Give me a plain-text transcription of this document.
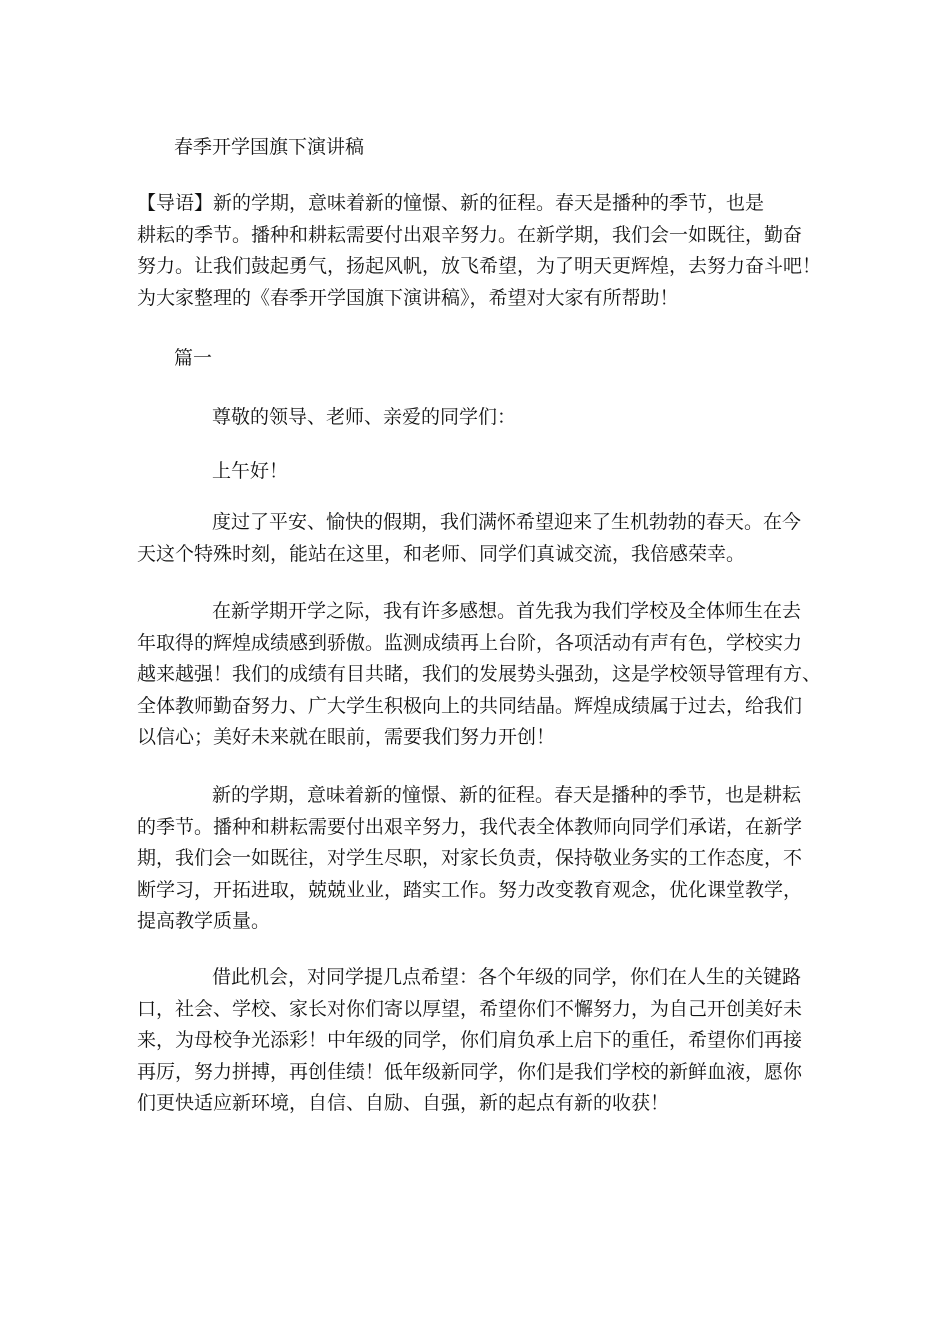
春季开学国旗下演讲稿
【导语】新的学期，意味着新的憧憬、新的征程。春天是播种的季节，也是
耕耘的季节。播种和耕耘需要付出艰辛努力。在新学期，我们会一如既往，勤奋
努力。让我们鼓起勇气，扬起风帆，放飞希望，为了明天更辉煌，去努力奋斗吧！
为大家整理的《春季开学国旗下演讲稿》，希望对大家有所帮助！
篇一
尊敬的领导、老师、亲爱的同学们：
上午好！
度过了平安、愉快的假期，我们满怀希望迎来了生机勃勃的春天。在今
天这个特殊时刻，能站在这里，和老师、同学们真诚交流，我倍感荣幸。
在新学期开学之际，我有许多感想。首先我为我们学校及全体师生在去
年取得的辉煌成绩感到骄傲。监测成绩再上台阶，各项活动有声有色，学校实力
越来越强！我们的成绩有目共睹，我们的发展势头强劲，这是学校领导管理有方、
全体教师勤奋努力、广大学生积极向上的共同结晶。辉煌成绩属于过去，给我们
以信心；美好未来就在眼前，需要我们努力开创！
新的学期，意味着新的憧憬、新的征程。春天是播种的季节，也是耕耘
的季节。播种和耕耘需要付出艰辛努力，我代表全体教师向同学们承诺，在新学
期，我们会一如既往，对学生尽职，对家长负责，保持敬业务实的工作态度，不
断学习，开拓进取，兢兢业业，踏实工作。努力改变教育观念，优化课堂教学，
提高教学质量。
借此机会，对同学提几点希望：各个年级的同学，你们在人生的关键路
口，社会、学校、家长对你们寄以厚望，希望你们不懈努力，为自己开创美好未
来，为母校争光添彩！中年级的同学，你们肩负承上启下的重任，希望你们再接
再厉，努力拼搏，再创佳绩！低年级新同学，你们是我们学校的新鲜血液，愿你
们更快适应新环境，自信、自励、自强，新的起点有新的收获！
